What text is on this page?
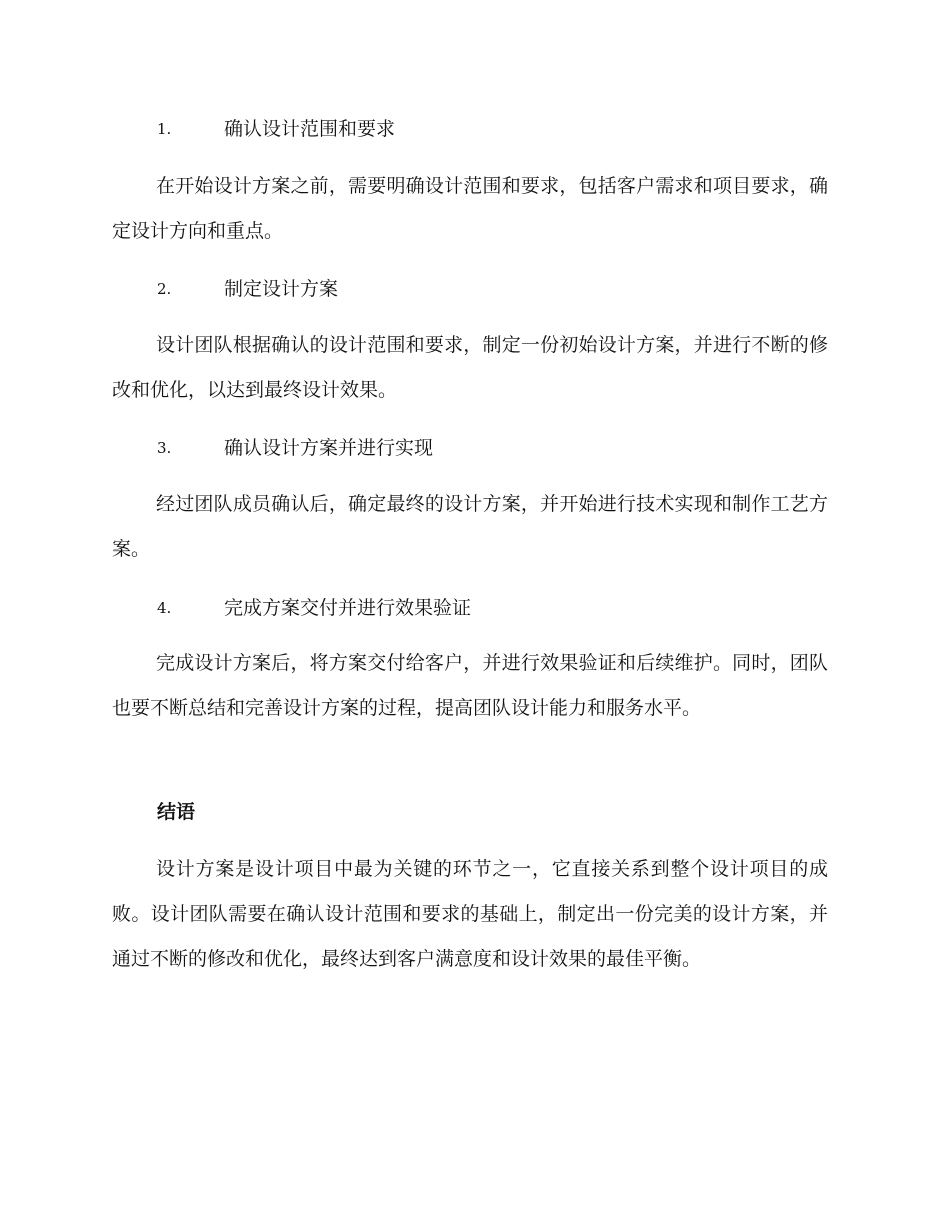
1.	确认设计范围和要求

在开始设计方案之前，需要明确设计范围和要求，包括客户需求和项目要求，确定设计方向和重点。

2.	制定设计方案

设计团队根据确认的设计范围和要求，制定一份初始设计方案，并进行不断的修改和优化，以达到最终设计效果。

3.	确认设计方案并进行实现

经过团队成员确认后，确定最终的设计方案，并开始进行技术实现和制作工艺方案。

4.	完成方案交付并进行效果验证

完成设计方案后，将方案交付给客户，并进行效果验证和后续维护。同时，团队也要不断总结和完善设计方案的过程，提高团队设计能力和服务水平。

结语

设计方案是设计项目中最为关键的环节之一，它直接关系到整个设计项目的成败。设计团队需要在确认设计范围和要求的基础上，制定出一份完美的设计方案，并通过不断的修改和优化，最终达到客户满意度和设计效果的最佳平衡。
